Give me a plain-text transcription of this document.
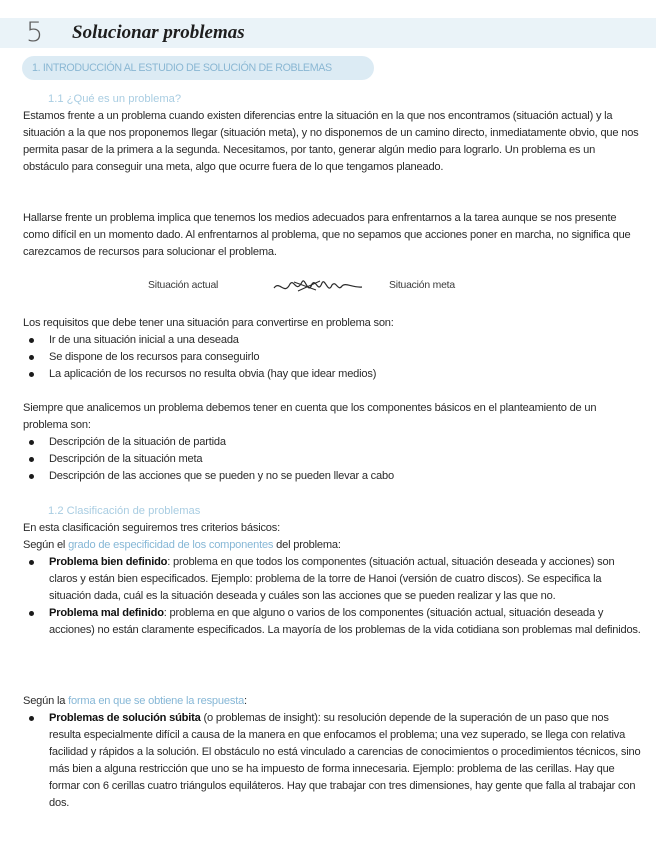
5 Solucionar problemas
1. INTRODUCCIÓN AL ESTUDIO DE SOLUCIÓN DE ROBLEMAS
1.1 ¿Qué es un problema?

Estamos frente a un problema cuando existen diferencias entre la situación en la que nos encontramos (situación actual) y la situación a la que nos proponemos llegar (situación meta), y no disponemos de un camino directo, inmediatamente obvio, que nos permita pasar de la primera a la segunda. Necesitamos, por tanto, generar algún medio para lograrlo. Un problema es un obstáculo para conseguir una meta, algo que ocurre fuera de lo que tengamos planeado.

Hallarse frente un problema implica que tenemos los medios adecuados para enfrentarnos a la tarea aunque se nos presente como difícil en un momento dado. Al enfrentarnos al problema, que no sepamos que acciones poner en marcha, no significa que carezcamos de recursos para solucionar el problema.

Situación actual	Situación meta

Los requisitos que debe tener una situación para convertirse en problema son:

Ir de una situación inicial a una deseada
Se dispone de los recursos para conseguirlo
La aplicación de los recursos no resulta obvia (hay que idear medios)

Siempre que analicemos un problema debemos tener en cuenta que los componentes básicos en el planteamiento de un problema son:

Descripción de la situación de partida
Descripción de la situación meta
Descripción de las acciones que se pueden y no se pueden llevar a cabo
1.2 Clasificación de problemas

En esta clasificación seguiremos tres criterios básicos:

Según el grado de especificidad de los componentes del problema:

Problema bien definido: problema en que todos los componentes (situación actual, situación deseada y acciones) son claros y están bien especificados. Ejemplo: problema de la torre de Hanoi (versión de cuatro discos). Se especifica la situación dada, cuál es la situación deseada y cuáles son las acciones que se pueden realizar y las que no.
Problema mal definido: problema en que alguno o varios de los componentes (situación actual, situación deseada y acciones) no están claramente especificados. La mayoría de los problemas de la vida cotidiana son problemas mal definidos.

Según la forma en que se obtiene la respuesta:

Problemas de solución súbita (o problemas de insight): su resolución depende de la superación de un paso que nos resulta especialmente difícil a causa de la manera en que enfocamos el problema; una vez superado, se llega con relativa facilidad y rápidos a la solución. El obstáculo no está vinculado a carencias de conocimientos o procedimientos técnicos, sino más bien a alguna restricción que uno se ha impuesto de forma innecesaria. Ejemplo: problema de las cerillas. Hay que formar con 6 cerillas cuatro triángulos equiláteros. Hay que trabajar con tres dimensiones, hay gente que falla al trabajar con dos.
